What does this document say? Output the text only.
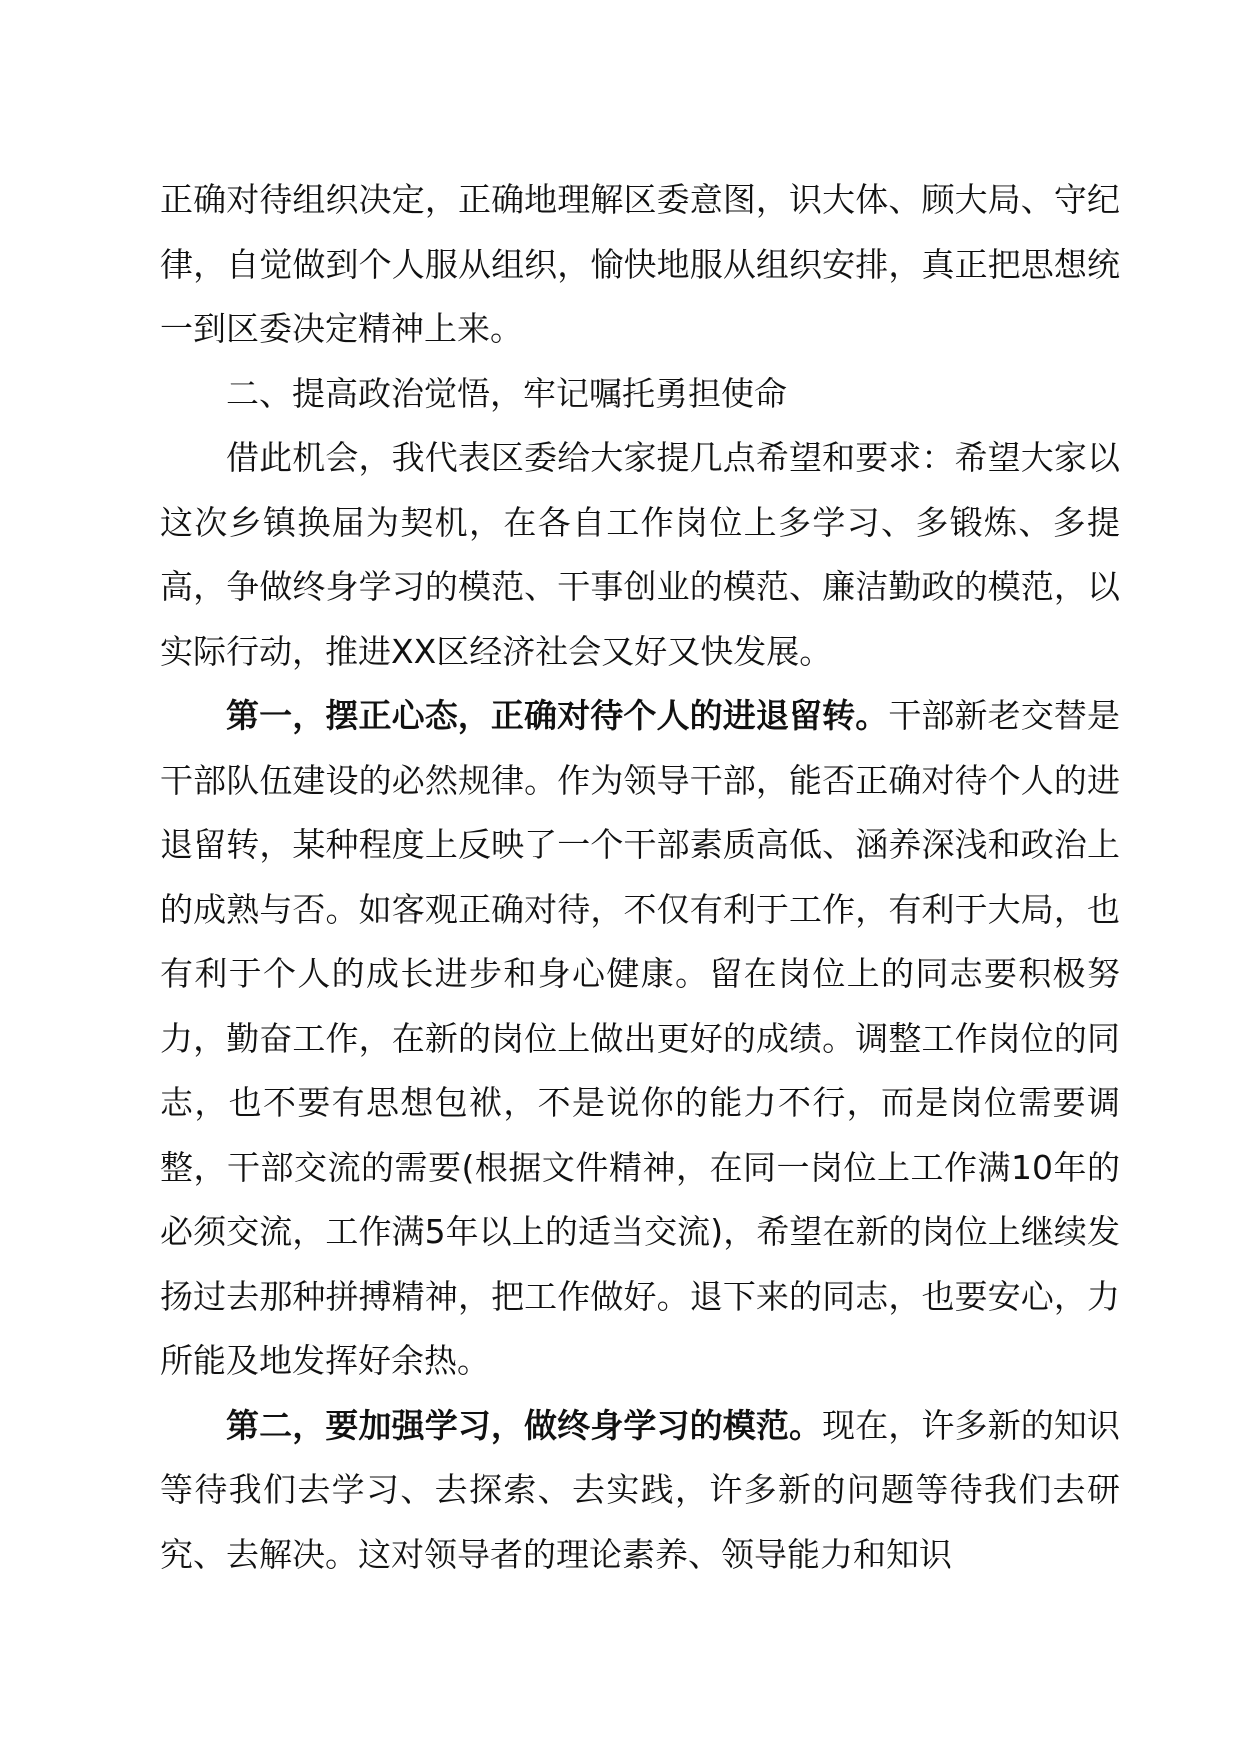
正确对待组织决定，正确地理解区委意图，识大体、顾大局、守纪律，自觉做到个人服从组织，愉快地服从组织安排，真正把思想统一到区委决定精神上来。

二、提高政治觉悟，牢记嘱托勇担使命

借此机会，我代表区委给大家提几点希望和要求：希望大家以这次乡镇换届为契机，在各自工作岗位上多学习、多锻炼、多提高，争做终身学习的模范、干事创业的模范、廉洁勤政的模范，以实际行动，推进XX区经济社会又好又快发展。

第一，摆正心态，正确对待个人的进退留转。干部新老交替是干部队伍建设的必然规律。作为领导干部，能否正确对待个人的进退留转，某种程度上反映了一个干部素质高低、涵养深浅和政治上的成熟与否。如客观正确对待，不仅有利于工作，有利于大局，也有利于个人的成长进步和身心健康。留在岗位上的同志要积极努力，勤奋工作，在新的岗位上做出更好的成绩。调整工作岗位的同志，也不要有思想包袱，不是说你的能力不行，而是岗位需要调整，干部交流的需要(根据文件精神，在同一岗位上工作满10年的必须交流，工作满5年以上的适当交流)，希望在新的岗位上继续发扬过去那种拼搏精神，把工作做好。退下来的同志，也要安心，力所能及地发挥好余热。

第二，要加强学习，做终身学习的模范。现在，许多新的知识等待我们去学习、去探索、去实践，许多新的问题等待我们去研究、去解决。这对领导者的理论素养、领导能力和知识
